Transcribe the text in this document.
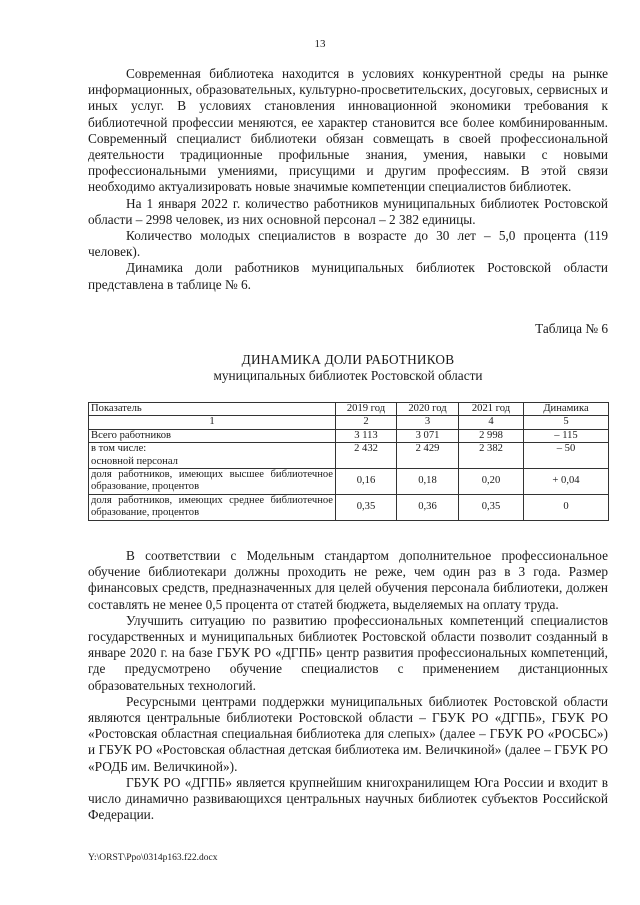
13

Современная библиотека находится в условиях конкурентной среды на рынке информационных, образовательных, культурно-просветительских, досуговых, сервисных и иных услуг. В условиях становления инновационной экономики требования к библиотечной профессии меняются, ее характер становится все более комбинированным. Современный специалист библиотеки обязан совмещать в своей профессиональной деятельности традиционные профильные знания, умения, навыки с новыми профессиональными умениями, присущими и другим профессиям. В этой связи необходимо актуализировать новые значимые компетенции специалистов библиотек.

На 1 января 2022 г. количество работников муниципальных библиотек Ростовской области – 2998 человек, из них основной персонал – 2 382 единицы.

Количество молодых специалистов в возрасте до 30 лет – 5,0 процента (119 человек).

Динамика доли работников муниципальных библиотек Ростовской области представлена в таблице № 6.

Таблица № 6
ДИНАМИКА ДОЛИ РАБОТНИКОВ
муниципальных библиотек Ростовской области
Показатель	2019 год	2020 год	2021 год	Динамика
1	2	3	4	5
Всего работников	3 113	3 071	2 998	– 115

в том числе:
основной персонал	2 432	2 429	2 382	– 50
доля работников, имеющих высшее библиотечное образование, процентов	0,16	0,18	0,20	+ 0,04
доля работников, имеющих среднее библиотечное образование, процентов	0,35	0,36	0,35	0

В соответствии с Модельным стандартом дополнительное профессиональное обучение библиотекари должны проходить не реже, чем один раз в 3 года. Размер финансовых средств, предназначенных для целей обучения персонала библиотеки, должен составлять не менее 0,5 процента от статей бюджета, выделяемых на оплату труда.

Улучшить ситуацию по развитию профессиональных компетенций специалистов государственных и муниципальных библиотек Ростовской области позволит созданный в январе 2020 г. на базе ГБУК РО «ДГПБ» центр развития профессиональных компетенций, где предусмотрено обучение специалистов с применением дистанционных образовательных технологий.

Ресурсными центрами поддержки муниципальных библиотек Ростовской области являются центральные библиотеки Ростовской области – ГБУК РО «ДГПБ», ГБУК РО «Ростовская областная специальная библиотека для слепых» (далее – ГБУК РО «РОСБС») и ГБУК РО «Ростовская областная детская библиотека им. Величкиной» (далее – ГБУК РО «РОДБ им. Величкиной»).

ГБУК РО «ДГПБ» является крупнейшим книгохранилищем Юга России и входит в число динамично развивающихся центральных научных библиотек субъектов Российской Федерации.

Y:\ORST\Ppo\0314p163.f22.docx
